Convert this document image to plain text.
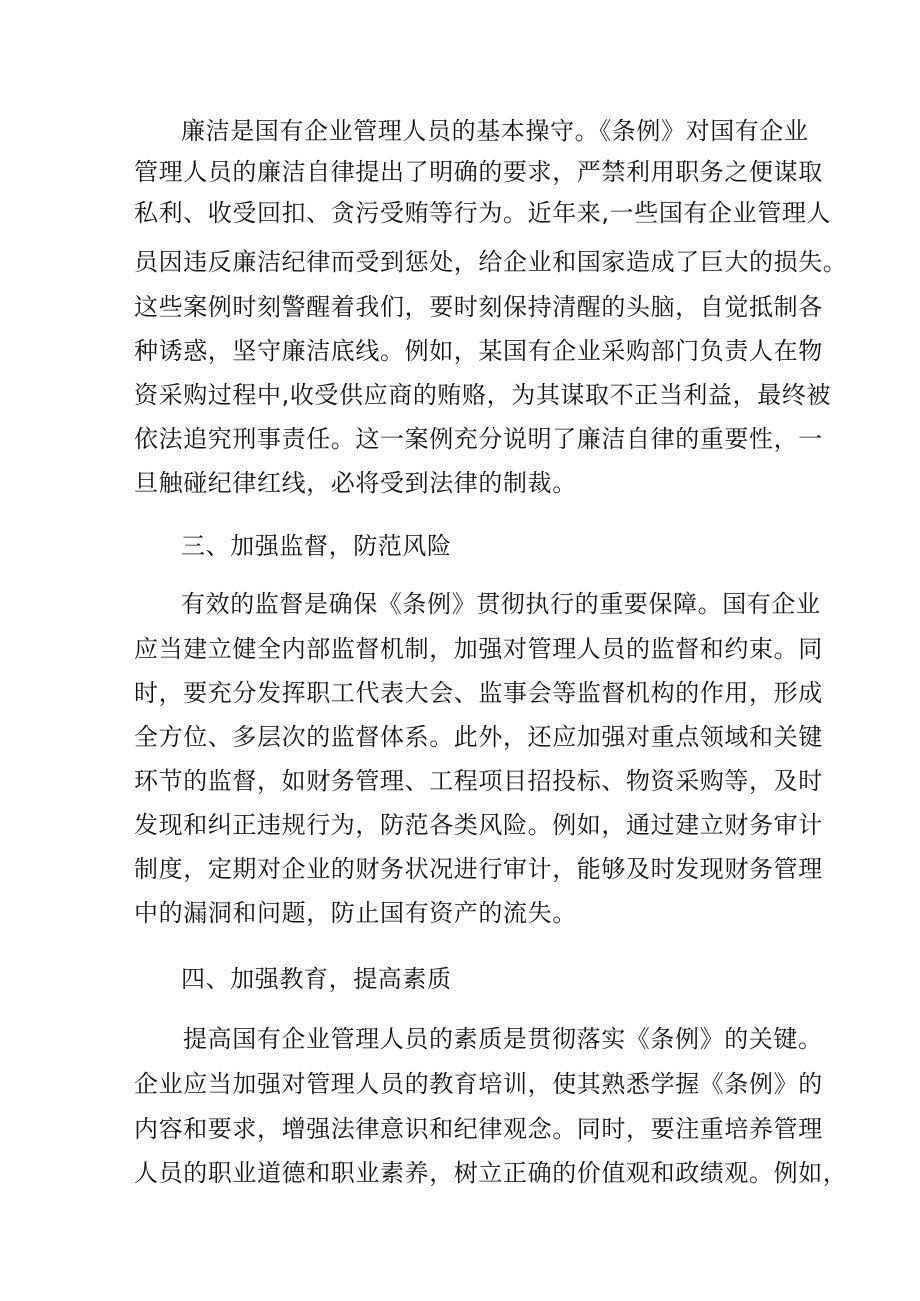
廉洁是国有企业管理人员的基本操守。《条例》对国有企业
管理人员的廉洁自律提出了明确的要求，严禁利用职务之便谋取
私利、收受回扣、贪污受贿等行为。近年来,一些国有企业管理人
员因违反廉洁纪律而受到惩处，给企业和国家造成了巨大的损失。
这些案例时刻警醒着我们，要时刻保持清醒的头脑，自觉抵制各
种诱惑，坚守廉洁底线。例如，某国有企业采购部门负责人在物
资采购过程中,收受供应商的贿赂，为其谋取不正当利益，最终被
依法追究刑事责任。这一案例充分说明了廉洁自律的重要性，一
旦触碰纪律红线，必将受到法律的制裁。
三、加强监督，防范风险
有效的监督是确保《条例》贯彻执行的重要保障。国有企业
应当建立健全内部监督机制，加强对管理人员的监督和约束。同
时，要充分发挥职工代表大会、监事会等监督机构的作用，形成
全方位、多层次的监督体系。此外，还应加强对重点领域和关键
环节的监督，如财务管理、工程项目招投标、物资采购等，及时
发现和纠正违规行为，防范各类风险。例如，通过建立财务审计
制度，定期对企业的财务状况进行审计，能够及时发现财务管理
中的漏洞和问题，防止国有资产的流失。
四、加强教育，提高素质
提高国有企业管理人员的素质是贯彻落实《条例》的关键。
企业应当加强对管理人员的教育培训，使其熟悉学握《条例》的
内容和要求，增强法律意识和纪律观念。同时，要注重培养管理
人员的职业道德和职业素养，树立正确的价值观和政绩观。例如，
